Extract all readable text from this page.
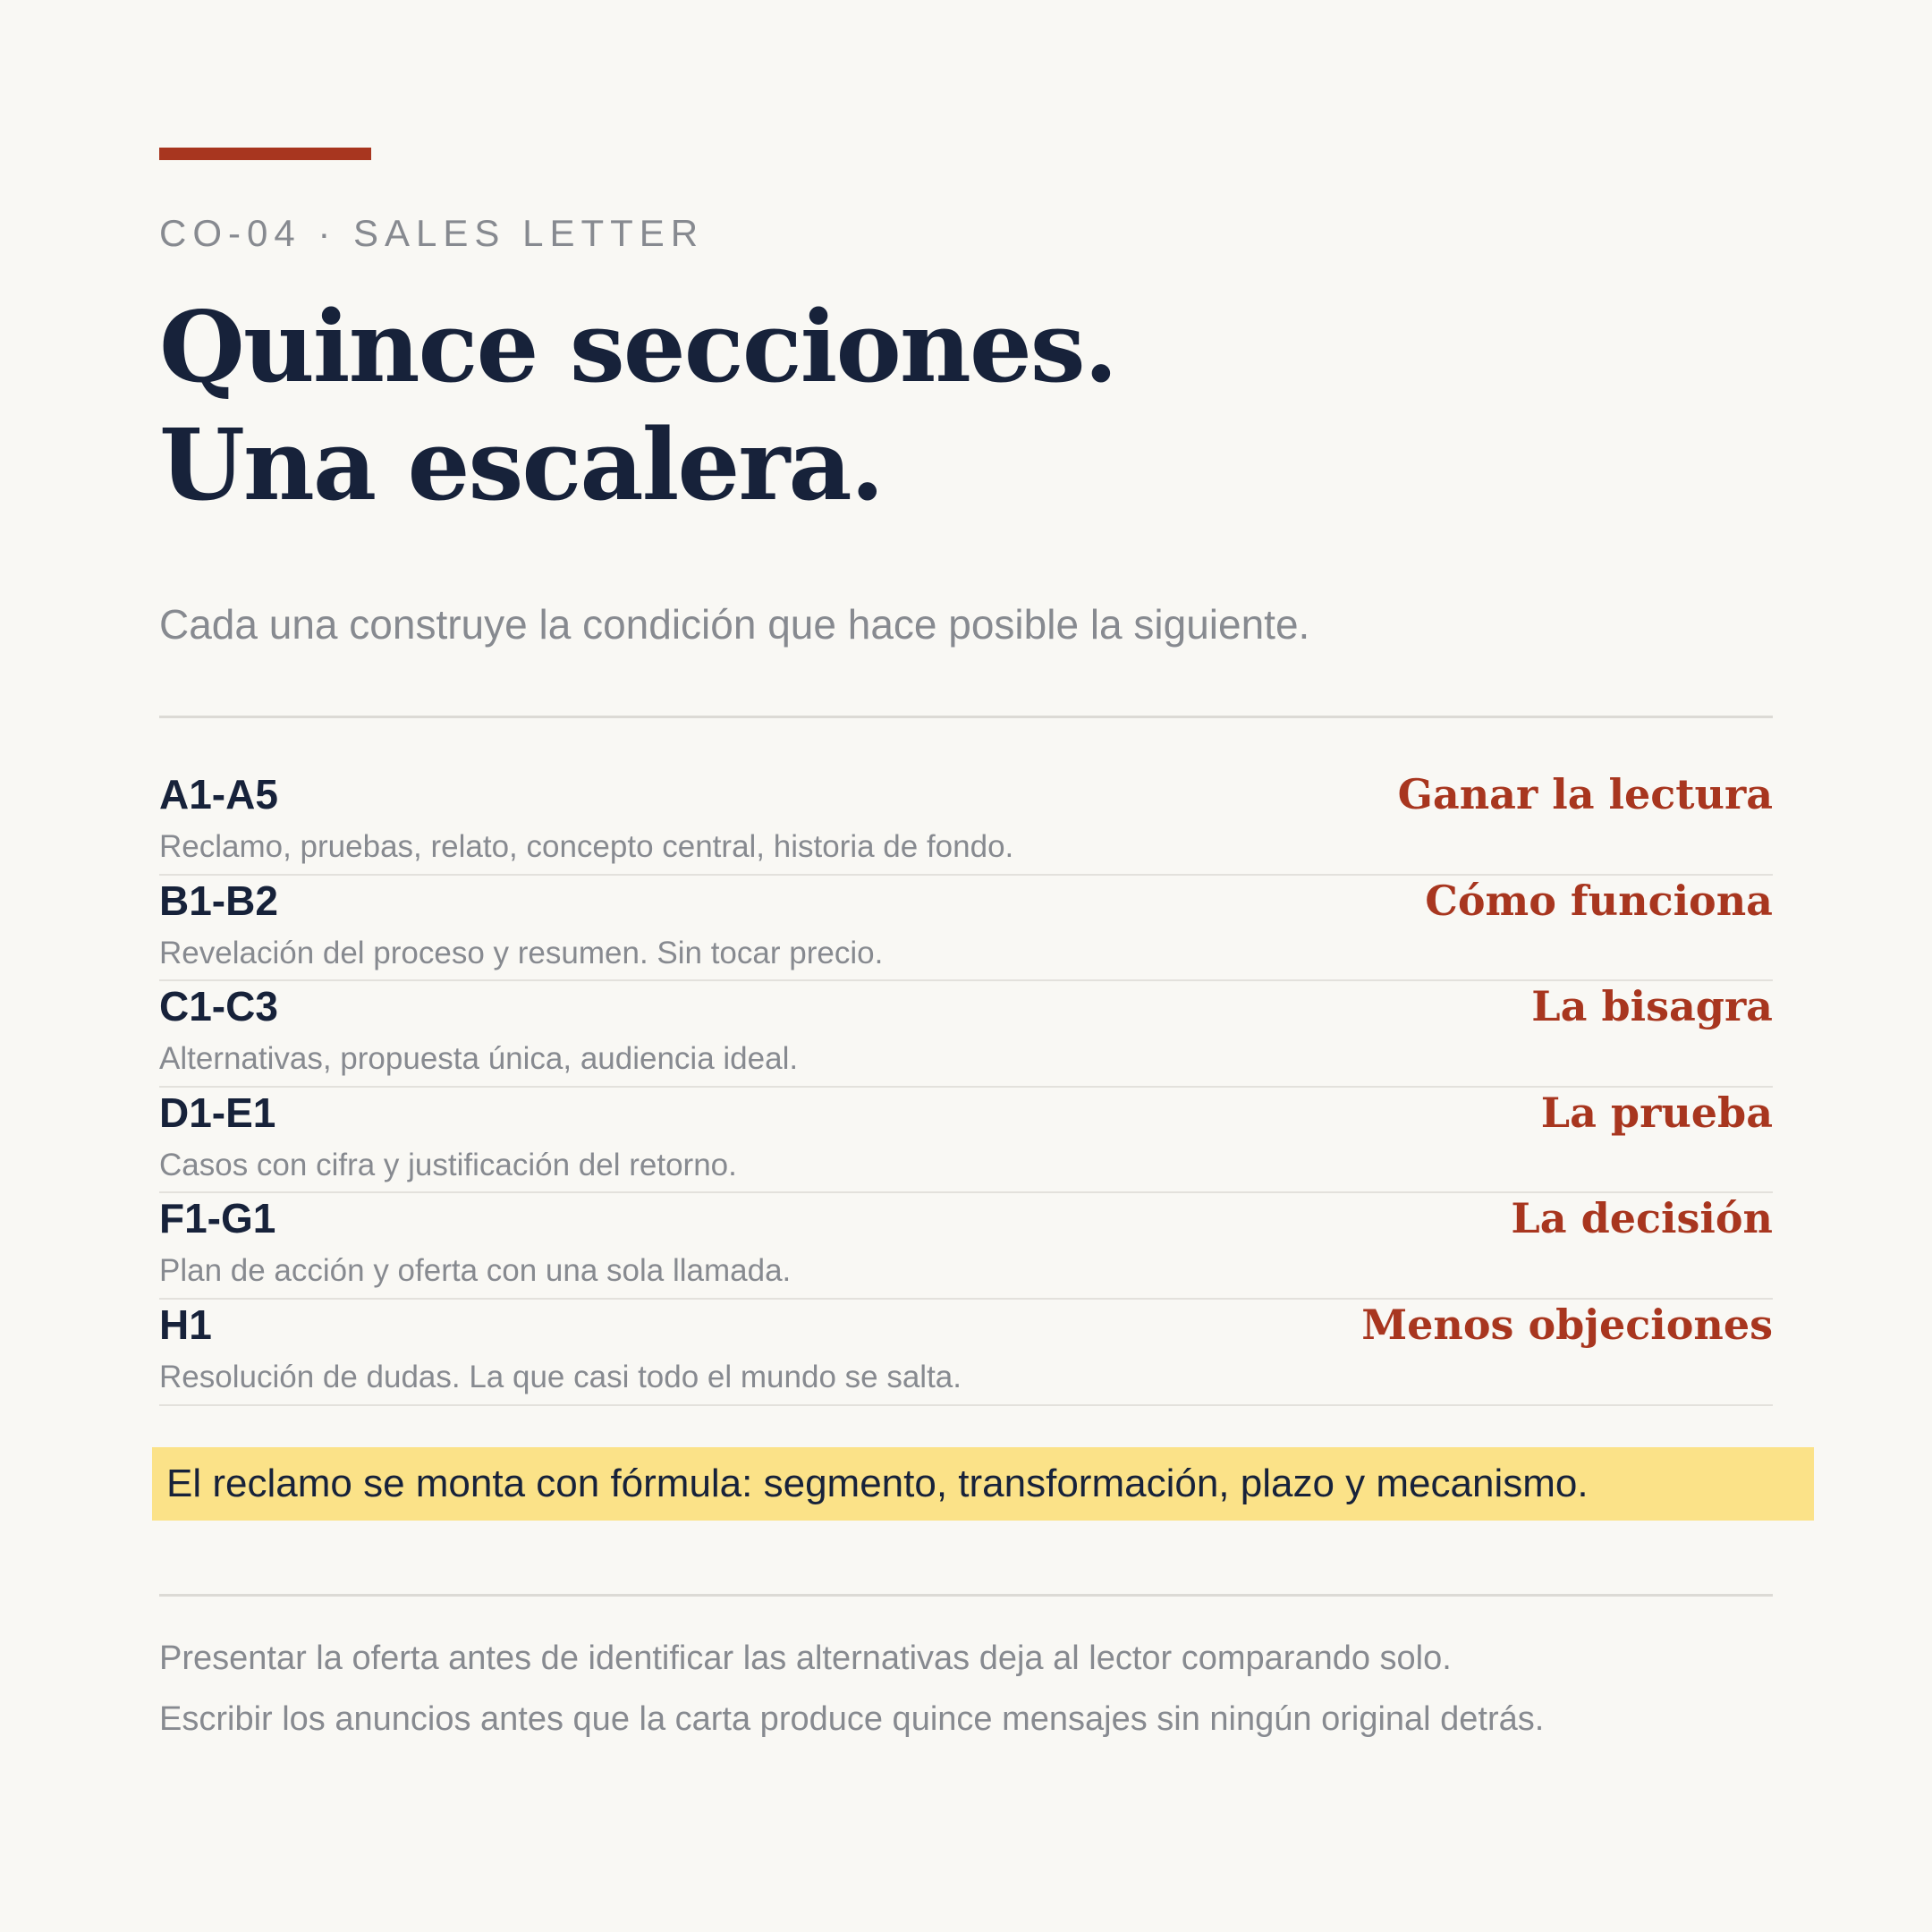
CO-04 · SALES LETTER
Quince secciones.
Una escalera.
Cada una construye la condición que hace posible la siguiente.
A1-A5
Reclamo, pruebas, relato, concepto central, historia de fondo.
Ganar la lectura
B1-B2
Revelación del proceso y resumen. Sin tocar precio.
Cómo funciona
C1-C3
Alternativas, propuesta única, audiencia ideal.
La bisagra
D1-E1
Casos con cifra y justificación del retorno.
La prueba
F1-G1
Plan de acción y oferta con una sola llamada.
La decisión
H1
Resolución de dudas. La que casi todo el mundo se salta.
Menos objeciones
El reclamo se monta con fórmula: segmento, transformación, plazo y mecanismo.
Presentar la oferta antes de identificar las alternativas deja al lector comparando solo.
Escribir los anuncios antes que la carta produce quince mensajes sin ningún original detrás.
